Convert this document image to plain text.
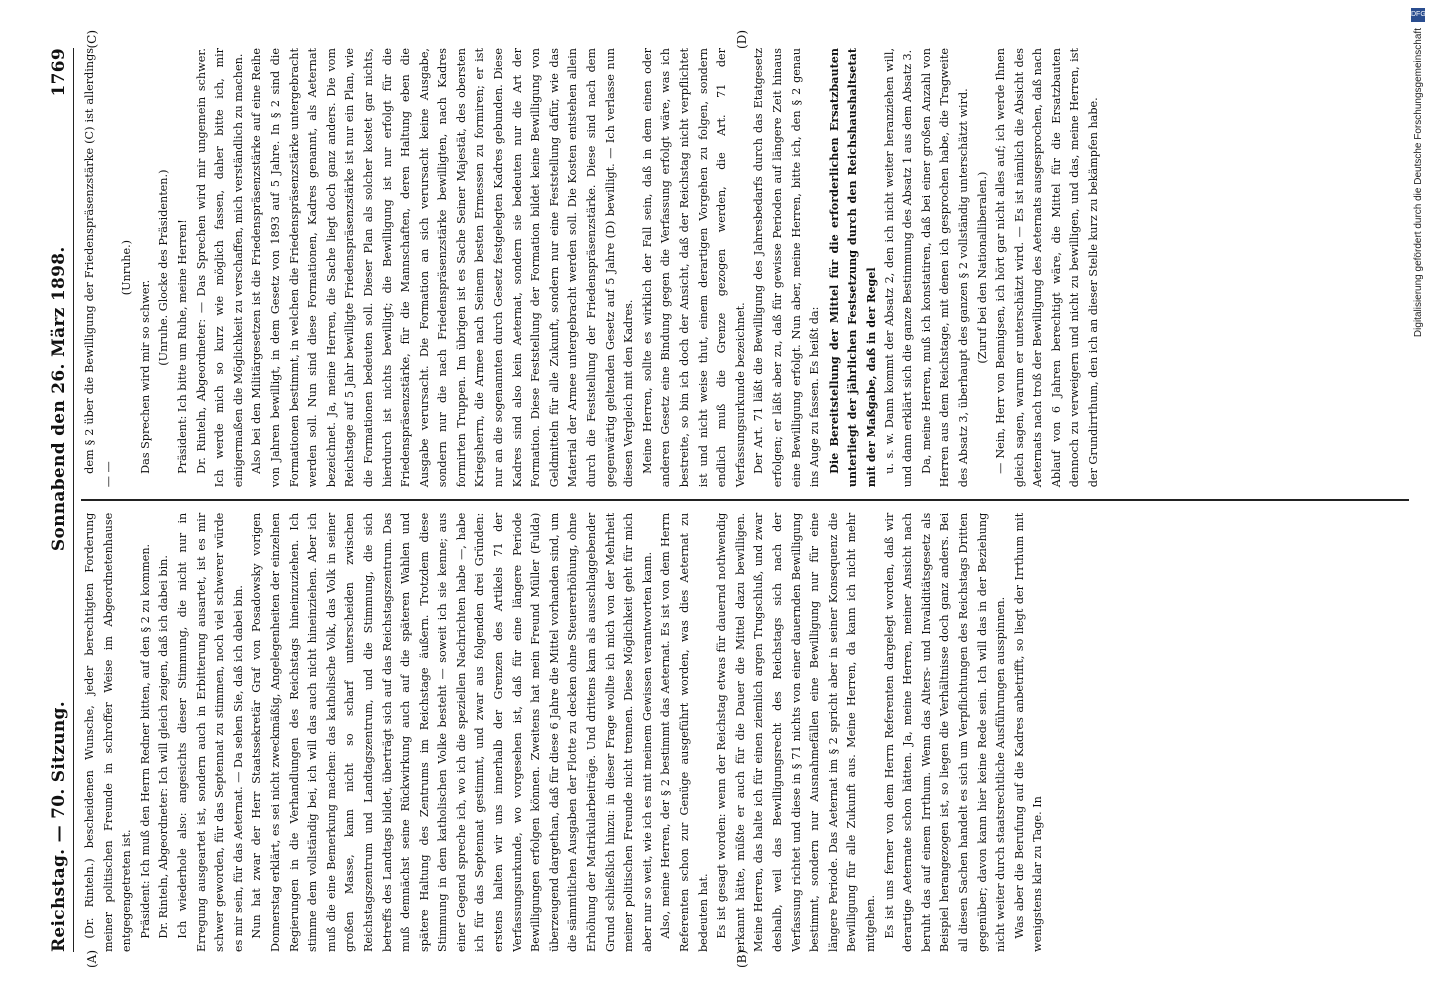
Reichstag. — 70. Sitzung.
Sonnabend den 26. März 1898.
1769
(A)	(B)
(C)	(D)

(Dr. Rinteln.) bescheidenen Wunsche, jeder berechtigten Forderung meiner politischen Freunde in schroffer Weise im Abgeordnetenhause entgegengetreten ist. Präsident: Ich muß den Herrn Redner bitten, auf den § 2 zu kommen. Dr. Rinteln, Abgeordneter: Ich will gleich zeigen, daß ich dabei bin. Ich wiederhole also: angesichts dieser Stimmung, die nicht nur in Erregung ausgeartet ist, sondern auch in Erbitterung ausartet, ist es mir schwer geworden, für das Septennat zu stimmen, noch viel schwerer würde es mir sein, für das Aeternat. — Da sehen Sie, daß ich dabei bin. Nun hat zwar der Herr Staatssekretär Graf von Posadowsky vorigen Donnerstag erklärt, es sei nicht zweckmäßig, Angelegenheiten der einzelnen Regierungen in die Verhandlungen des Reichstags hineinzuziehen. Ich stimme dem vollständig bei, ich will das auch nicht hineinziehen. Aber ich muß die eine Bemerkung machen: das katholische Volk, das Volk in seiner großen Masse, kann nicht so scharf unterscheiden zwischen Reichstagszentrum und Landtagszentrum, und die Stimmung, die sich betreffs des Landtags bildet, überträgt sich auf das Reichstagszentrum. Das muß demnächst seine Rückwirkung auch auf die späteren Wahlen und spätere Haltung des Zentrums im Reichstage äußern. Trotzdem diese Stimmung in dem katholischen Volke besteht — soweit ich sie kenne; aus einer Gegend spreche ich, wo ich die speziellen Nachrichten habe —, habe ich für das Septennat gestimmt, und zwar aus folgenden drei Gründen: erstens halten wir uns innerhalb der Grenzen des Artikels 71 der Verfassungsurkunde, wo vorgesehen ist, daß für eine längere Periode Bewilligungen erfolgen können. Zweitens hat mein Freund Müller (Fulda) überzeugend dargethan, daß für diese 6 Jahre die Mittel vorhanden sind, um die sämmtlichen Ausgaben der Flotte zu decken ohne Steuererhöhung, ohne Erhöhung der Matrikularbeiträge. Und drittens kam als ausschlaggebender Grund schließlich hinzu: in dieser Frage wollte ich mich von der Mehrheit meiner politischen Freunde nicht trennen. Diese Möglichkeit geht für mich aber nur so weit, wie ich es mit meinem Gewissen verantworten kann. Also, meine Herren, der § 2 bestimmt das Aeternat. Es ist von dem Herrn Referenten schon zur Genüge ausgeführt worden, was dies Aeternat zu bedeuten hat. Es ist gesagt worden: wenn der Reichstag etwas für dauernd nothwendig erkannt hätte, müßte er auch für die Dauer die Mittel dazu bewilligen. Meine Herren, das halte ich für einen ziemlich argen Trugschluß, und zwar deshalb, weil das Bewilligungsrecht des Reichstags sich nach der Verfassung richtet und diese in § 71 nichts von einer dauernden Bewilligung bestimmt, sondern nur Ausnahmefällen eine Bewilligung nur für eine längere Periode. Das Aeternat im § 2 spricht aber in seiner Konsequenz die Bewilligung für alle Zukunft aus. Meine Herren, da kann ich nicht mehr mitgehen. Es ist uns ferner von dem Herrn Referenten dargelegt worden, daß wir derartige Aeternate schon hätten. Ja, meine Herren, meiner Ansicht nach beruht das auf einem Irrthum. Wenn das Alters- und Invaliditätsgesetz als Beispiel herangezogen ist, so liegen die Verhältnisse doch ganz anders. Bei all diesen Sachen handelt es sich um Verpflichtungen des Reichstags Dritten gegenüber; davon kann hier keine Rede sein. Ich will das in der Beziehung nicht weiter durch staatsrechtliche Ausführungen ausspinnen. Was aber die Berufung auf die Kadres anbetrifft, so liegt der Irrthum mit wenigstens klar zu Tage. In

dem § 2 über die Bewilligung der Friedenspräsenzstärke (C) ist allerdings — —

(Unruhe.)

Das Sprechen wird mir so schwer.

(Unruhe. Glocke des Präsidenten.) Präsident: Ich bitte um Ruhe, meine Herren! Dr. Rinteln, Abgeordneter: — Das Sprechen wird mir ungemein schwer. Ich werde mich so kurz wie möglich fassen, daher bitte ich, mir einigermaßen die Möglichkeit zu verschaffen, mich verständlich zu machen. Also bei den Militärgesetzen ist die Friedenspräsenzstärke auf eine Reihe von Jahren bewilligt, in dem Gesetz von 1893 auf 5 Jahre. In § 2 sind die Formationen bestimmt, in welchen die Friedenspräsenzstärke untergebracht werden soll. Nun sind diese Formationen, Kadres genannt, als Aeternat bezeichnet. Ja, meine Herren, die Sache liegt doch ganz anders. Die vom Reichstage auf 5 Jahr bewilligte Friedenspräsenzstärke ist nur ein Plan, wie die Formationen bedeuten soll. Dieser Plan als solcher kostet gar nichts, hierdurch ist nichts bewilligt; die Bewilligung ist nur erfolgt für die Friedenspräsenzstärke, für die Mannschaften, deren Haltung eben die Ausgabe verursacht. Die Formation an sich verursacht keine Ausgabe, sondern nur die nach Friedenspräsenzstärke bewilligten, nach Kadres formirten Truppen. Im übrigen ist es Sache Seiner Majestät, des obersten Kriegsherrn, die Armee nach Seinem besten Ermessen zu formiren; er ist nur an die sogenannten durch Gesetz festgelegten Kadres gebunden. Diese Kadres sind also kein Aeternat, sondern sie bedeuten nur die Art der Formation. Diese Feststellung der Formation bildet keine Bewilligung von Geldmitteln für alle Zukunft, sondern nur eine Feststellung dafür, wie das Material der Armee untergebracht werden soll. Die Kosten entstehen allein durch die Feststellung der Friedenspräsenzstärke. Diese sind nach dem gegenwärtig geltenden Gesetz auf 5 Jahre (D) bewilligt. — Ich verlasse nun diesen Vergleich mit den Kadres. Meine Herren, sollte es wirklich der Fall sein, daß in dem einen oder anderen Gesetz eine Bindung gegen die Verfassung erfolgt wäre, was ich bestreite, so bin ich doch der Ansicht, daß der Reichstag nicht verpflichtet ist und nicht weise thut, einem derartigen Vorgehen zu folgen, sondern endlich muß die Grenze gezogen werden, die Art. 71 der Verfassungsurkunde bezeichnet. Der Art. 71 läßt die Bewilligung des Jahresbedarfs durch das Etatgesetz erfolgen; er läßt aber zu, daß für gewisse Perioden auf längere Zeit hinaus eine Bewilligung erfolgt. Nun aber, meine Herren, bitte ich, den § 2 genau ins Auge zu fassen. Es heißt da: Die Bereitstellung der Mittel für die erforderlichen Ersatzbauten unterliegt der jährlichen Festsetzung durch den Reichshaushaltsetat mit der Maßgabe, daß in der Regel u. s. w. Dann kommt der Absatz 2, den ich nicht weiter heranziehen will, und dann erklärt sich die ganze Bestimmung des Absatz 1 aus dem Absatz 3. Da, meine Herren, muß ich konstatiren, daß bei einer großen Anzahl von Herren aus dem Reichstage, mit denen ich gesprochen habe, die Tragweite des Absatz 3, überhaupt des ganzen § 2 vollständig unterschätzt wird. (Zuruf bei den Nationalliberalen.) — Nein, Herr von Bennigsen, ich hört gar nicht alles auf; ich werde Ihnen gleich sagen, warum er unterschätzt wird. — Es ist nämlich die Absicht des Aeternats nach troß der Bewilligung des Aeternats ausgesprochen, daß nach Ablauf von 6 Jahren berechtigt wäre, die Mittel für die Ersatzbauten dennoch zu verweigern und nicht zu bewilligen, und das, meine Herren, ist der Grundirrthum, den ich an dieser Stelle kurz zu bekämpfen habe.

DFG
Digitalisierung gefördert durch die Deutsche Forschungsgemeinschaft
